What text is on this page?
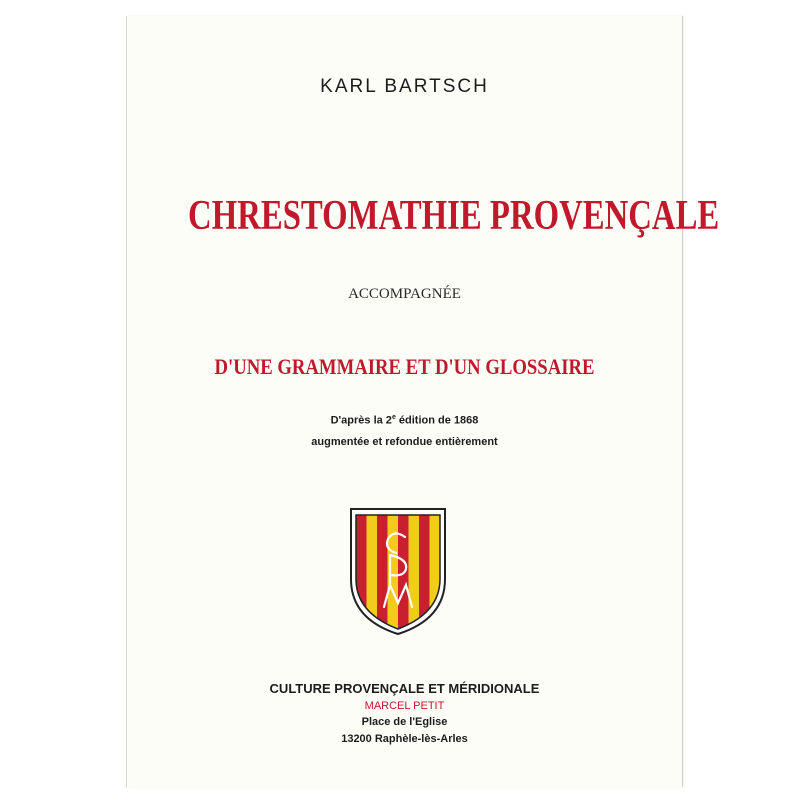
KARL BARTSCH
CHRESTOMATHIE PROVENÇALE
ACCOMPAGNÉE
D'UNE GRAMMAIRE ET D'UN GLOSSAIRE
D'après la 2e édition de 1868
augmentée et refondue entièrement
CULTURE PROVENÇALE ET MÉRIDIONALE
MARCEL PETIT
Place de l'Eglise
13200 Raphèle-lès-Arles
